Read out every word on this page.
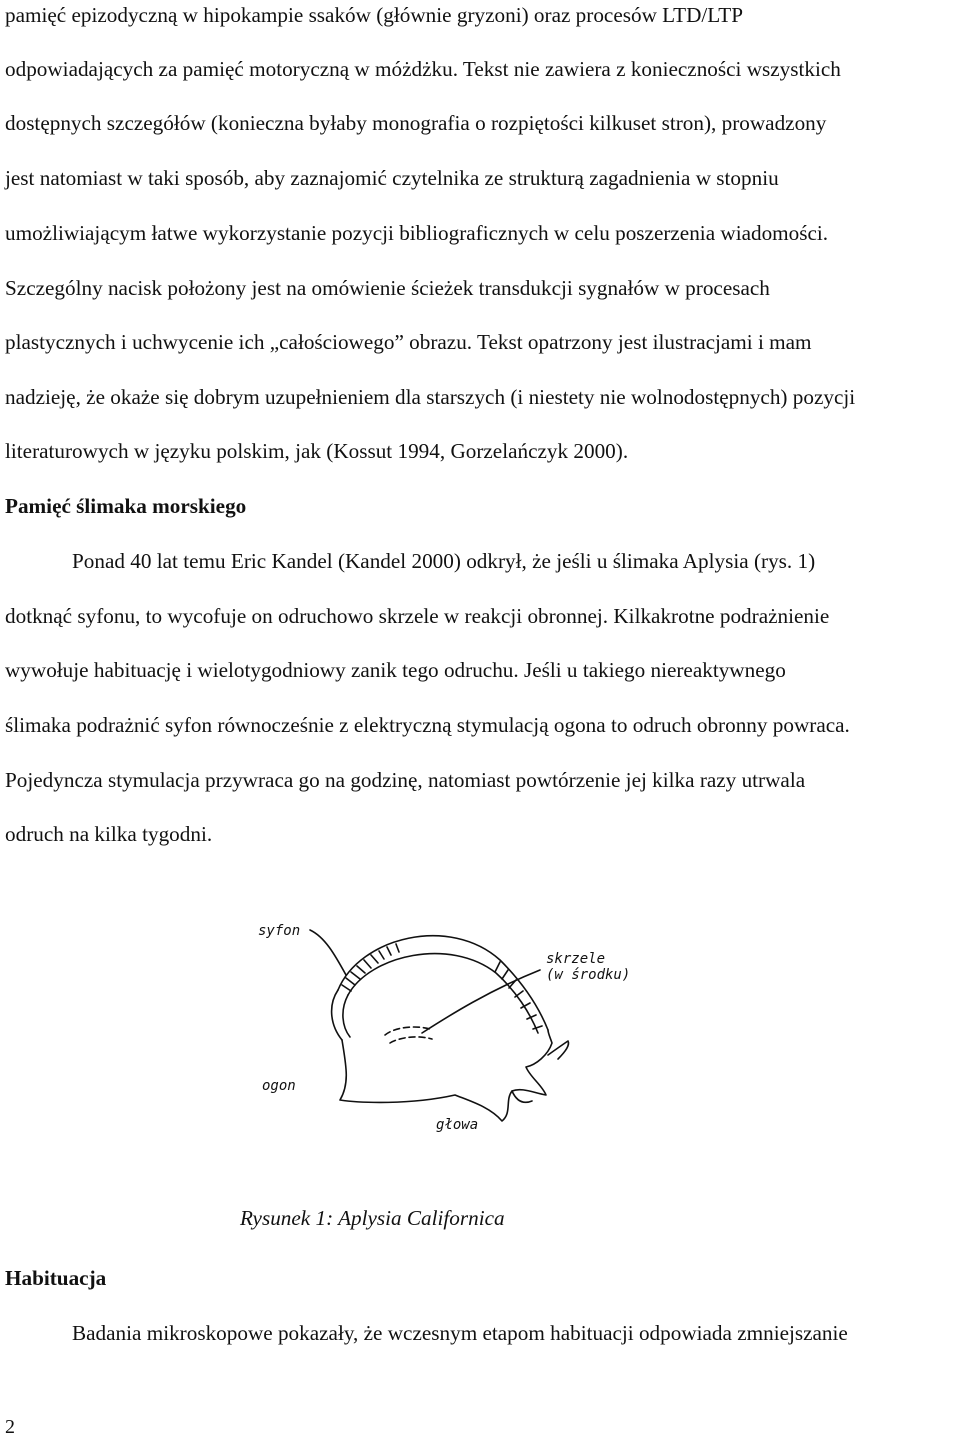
pamięć epizodyczną w hipokampie ssaków (głównie gryzoni) oraz procesów LTD/LTP
odpowiadających za pamięć motoryczną w móżdżku. Tekst nie zawiera z konieczności wszystkich
dostępnych szczegółów (konieczna byłaby monografia o rozpiętości kilkuset stron), prowadzony
jest natomiast w taki sposób, aby zaznajomić czytelnika ze strukturą zagadnienia w stopniu
umożliwiającym łatwe wykorzystanie pozycji bibliograficznych w celu poszerzenia wiadomości.
Szczególny nacisk położony jest na omówienie ścieżek transdukcji sygnałów w procesach
plastycznych i uchwycenie ich „całościowego” obrazu. Tekst opatrzony jest ilustracjami i mam
nadzieję, że okaże się dobrym uzupełnieniem dla starszych (i niestety nie wolnodostępnych) pozycji
literaturowych w języku polskim, jak (Kossut 1994, Gorzelańczyk 2000).
Pamięć ślimaka morskiego
Ponad 40 lat temu Eric Kandel (Kandel 2000) odkrył, że jeśli u ślimaka Aplysia (rys. 1)
dotknąć syfonu, to wycofuje on odruchowo skrzele w reakcji obronnej. Kilkakrotne podrażnienie
wywołuje habituację i wielotygodniowy zanik tego odruchu. Jeśli u takiego niereaktywnego
ślimaka podrażnić syfon równocześnie z elektryczną stymulacją ogona to odruch obronny powraca.
Pojedyncza stymulacja przywraca go na godzinę, natomiast powtórzenie jej kilka razy utrwala
odruch na kilka tygodni.
syfon
skrzele
(w środku)
ogon
głowa
Rysunek 1: Aplysia Californica
Habituacja
Badania mikroskopowe pokazały, że wczesnym etapom habituacji odpowiada zmniejszanie
2
